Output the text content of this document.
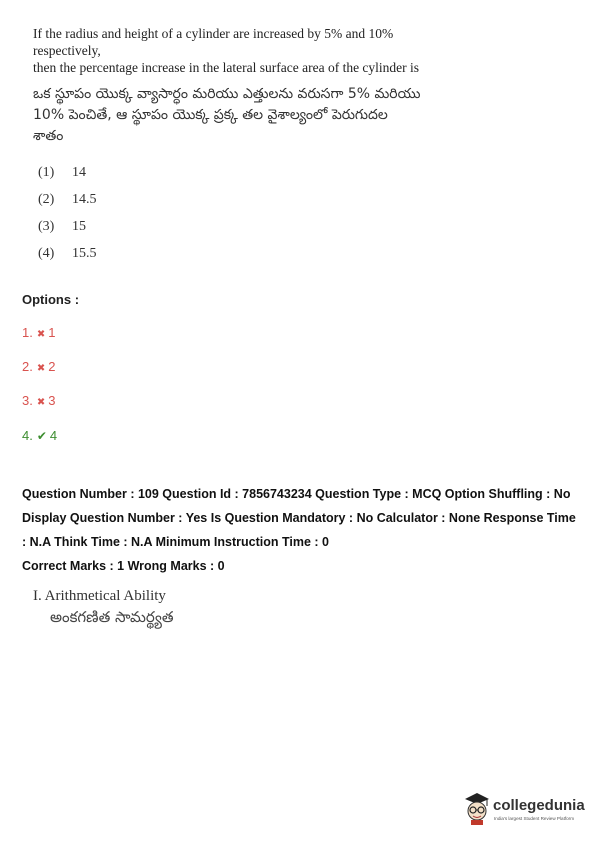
If the radius and height of a cylinder are increased by 5% and 10% respectively,
then the percentage increase in the lateral surface area of the cylinder is
ఒక స్థూపం యొక్క వ్యాసార్ధం మరియు ఎత్తులను వరుసగా 5% మరియు
10% పెంచితే, ఆ స్థూపం యొక్క ప్రక్క తల వైశాల్యంలో పెరుగుదల
శాతం
(1) 14
(2) 14.5
(3) 15
(4) 15.5
Options :
1. ✖ 1
2. ✖ 2
3. ✖ 3
4. ✔ 4
Question Number : 109 Question Id : 7856743234 Question Type : MCQ Option Shuffling : No
Display Question Number : Yes Is Question Mandatory : No Calculator : None Response Time
: N.A Think Time : N.A Minimum Instruction Time : 0
Correct Marks : 1 Wrong Marks : 0
I. Arithmetical Ability
అంకగణిత సామర్థ్యత
collegedunia
India's largest Student Review Platform
